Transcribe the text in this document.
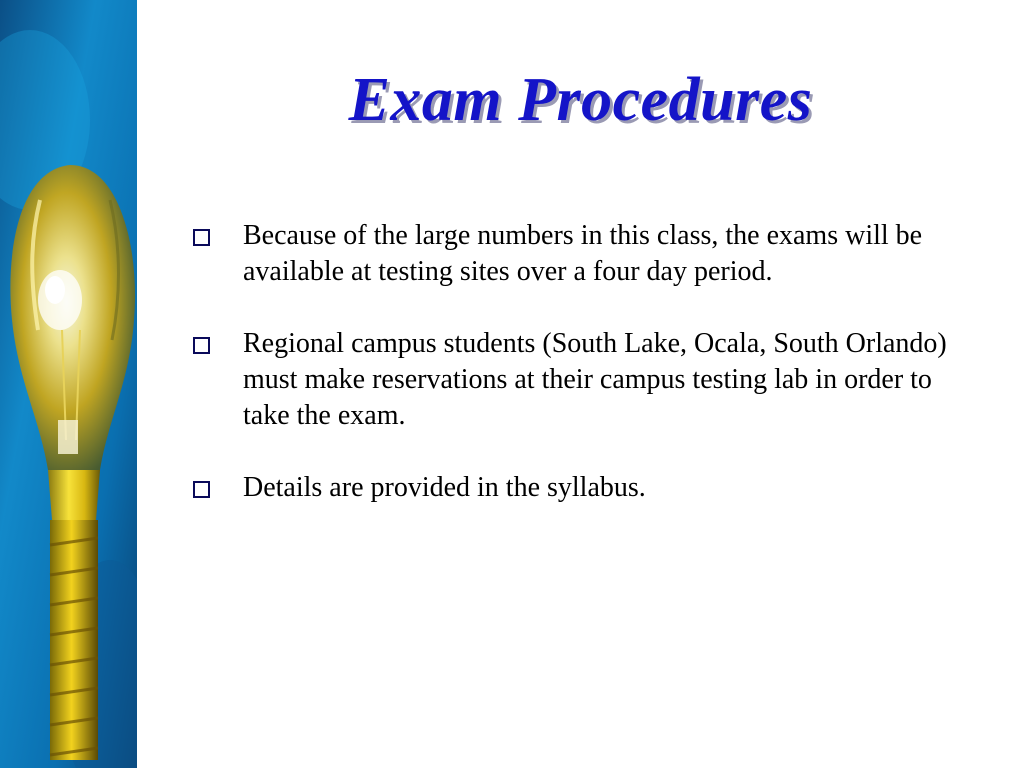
Exam Procedures
Because of the large numbers in this class, the exams will be available at testing sites over a four day period.
Regional campus students (South Lake, Ocala, South Orlando) must make reservations at their campus testing lab in order to take the exam.
Details are provided in the syllabus.
